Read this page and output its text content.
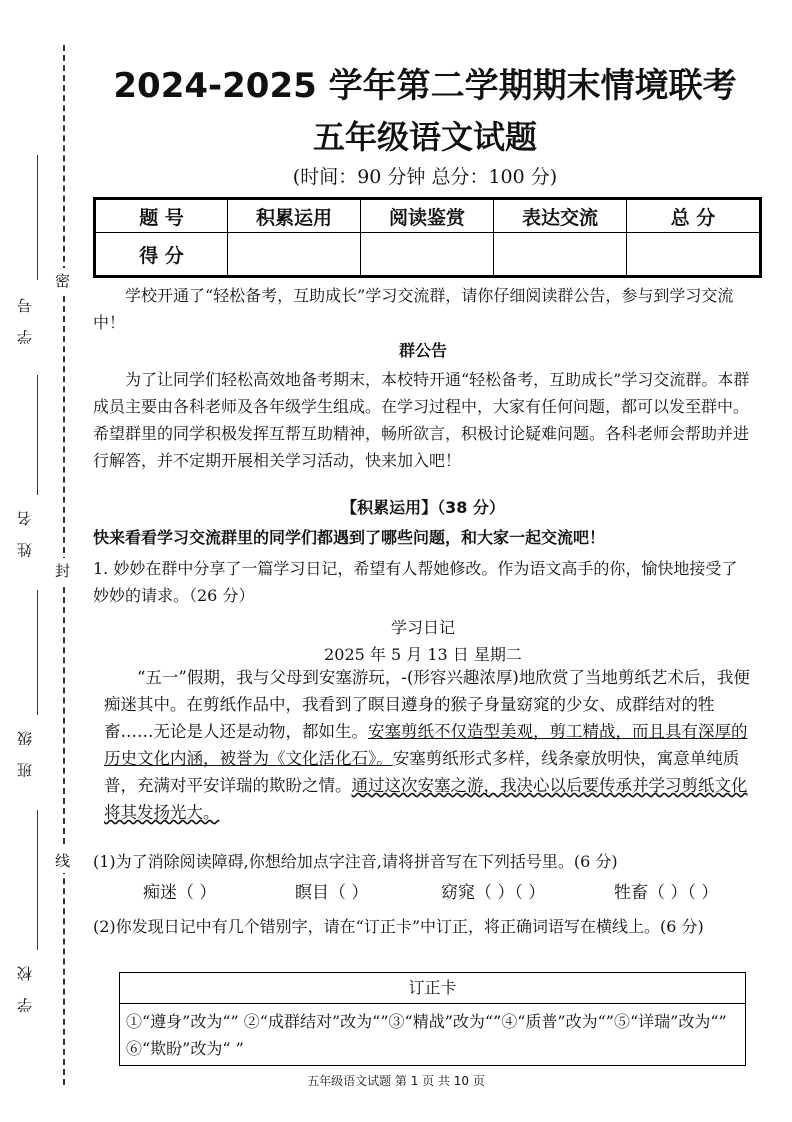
密
封
线
学 号
姓 名
班 级
学 校
2024-2025 学年第二学期期末情境联考
五年级语文试题
(时间：90 分钟 总分：100 分)
题 号	积累运用	阅读鉴赏	表达交流	总 分
得 分				
学校开通了“轻松备考，互助成长”学习交流群，请你仔细阅读群公告，参与到学习交流中！
群公告
为了让同学们轻松高效地备考期末，本校特开通“轻松备考，互助成长”学习交流群。本群成员主要由各科老师及各年级学生组成。在学习过程中，大家有任何问题，都可以发至群中。希望群里的同学积极发挥互帮互助精神，畅所欲言，积极讨论疑难问题。各科老师会帮助并进行解答，并不定期开展相关学习活动，快来加入吧！
【积累运用】（38 分）
快来看看学习交流群里的同学们都遇到了哪些问题，和大家一起交流吧！
1. 妙妙在群中分享了一篇学习日记，希望有人帮她修改。作为语文高手的你，愉快地接受了妙妙的请求。（26 分）
学习日记
2025 年 5 月 13 日 星期二
“五一”假期，我与父母到安塞游玩，-(形容兴趣浓厚)地欣赏了当地剪纸艺术后，我便痴迷其中。在剪纸作品中，我看到了瞑目遵身的猴子身量窈窕的少女、成群结对的牲畜……无论是人还是动物，都如生。安塞剪纸不仅造型美观，剪工精战，而且具有深厚的历史文化内涵，被誉为《文化活化石》。安塞剪纸形式多样，线条豪放明快，寓意单纯质普，充满对平安详瑞的欺盼之情。通过这次安塞之游，我决心以后要传承并学习剪纸文化将其发扬光大。
(1)为了消除阅读障碍,你想给加点字注音,请将拼音写在下列括号里。(6 分)
痴迷（ ）	瞑目（ ）	窈窕（ ）（ ）	牲畜（ ）（ ）
(2)你发现日记中有几个错别字，请在“订正卡”中订正，将正确词语写在横线上。(6 分)
订正卡
①“遵身”改为“” ②“成群结对”改为“”③“精战”改为“”④“质普”改为“”⑤“详瑞”改为“” ⑥“欺盼”改为“ ”
五年级语文试题 第 1 页 共 10 页
